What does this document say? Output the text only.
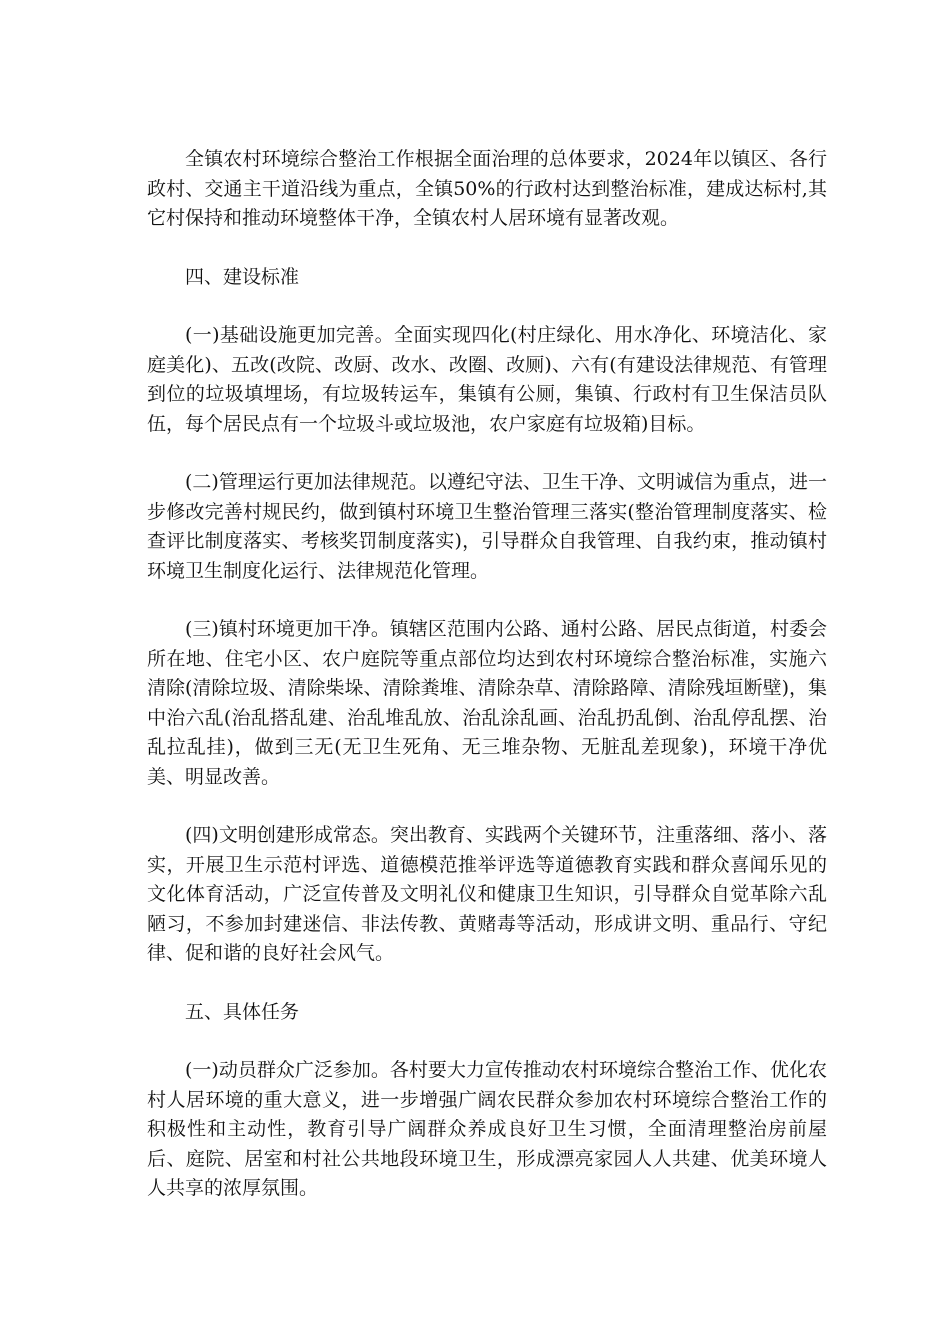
全镇农村环境综合整治工作根据全面治理的总体要求，2024年以镇区、各行政村、交通主干道沿线为重点，全镇50%的行政村达到整治标准，建成达标村,其它村保持和推动环境整体干净，全镇农村人居环境有显著改观。

四、建设标准

(一)基础设施更加完善。全面实现四化(村庄绿化、用水净化、环境洁化、家庭美化)、五改(改院、改厨、改水、改圈、改厕)、六有(有建设法律规范、有管理到位的垃圾填埋场，有垃圾转运车，集镇有公厕，集镇、行政村有卫生保洁员队伍，每个居民点有一个垃圾斗或垃圾池，农户家庭有垃圾箱)目标。

(二)管理运行更加法律规范。以遵纪守法、卫生干净、文明诚信为重点，进一步修改完善村规民约，做到镇村环境卫生整治管理三落实(整治管理制度落实、检查评比制度落实、考核奖罚制度落实)，引导群众自我管理、自我约束，推动镇村环境卫生制度化运行、法律规范化管理。

(三)镇村环境更加干净。镇辖区范围内公路、通村公路、居民点街道，村委会所在地、住宅小区、农户庭院等重点部位均达到农村环境综合整治标准，实施六清除(清除垃圾、清除柴垛、清除粪堆、清除杂草、清除路障、清除残垣断壁)，集中治六乱(治乱搭乱建、治乱堆乱放、治乱涂乱画、治乱扔乱倒、治乱停乱摆、治乱拉乱挂)，做到三无(无卫生死角、无三堆杂物、无脏乱差现象)，环境干净优美、明显改善。

(四)文明创建形成常态。突出教育、实践两个关键环节，注重落细、落小、落实，开展卫生示范村评选、道德模范推举评选等道德教育实践和群众喜闻乐见的文化体育活动，广泛宣传普及文明礼仪和健康卫生知识，引导群众自觉革除六乱陋习，不参加封建迷信、非法传教、黄赌毒等活动，形成讲文明、重品行、守纪律、促和谐的良好社会风气。

五、具体任务

(一)动员群众广泛参加。各村要大力宣传推动农村环境综合整治工作、优化农村人居环境的重大意义，进一步增强广阔农民群众参加农村环境综合整治工作的积极性和主动性，教育引导广阔群众养成良好卫生习惯，全面清理整治房前屋后、庭院、居室和村社公共地段环境卫生，形成漂亮家园人人共建、优美环境人人共享的浓厚氛围。
